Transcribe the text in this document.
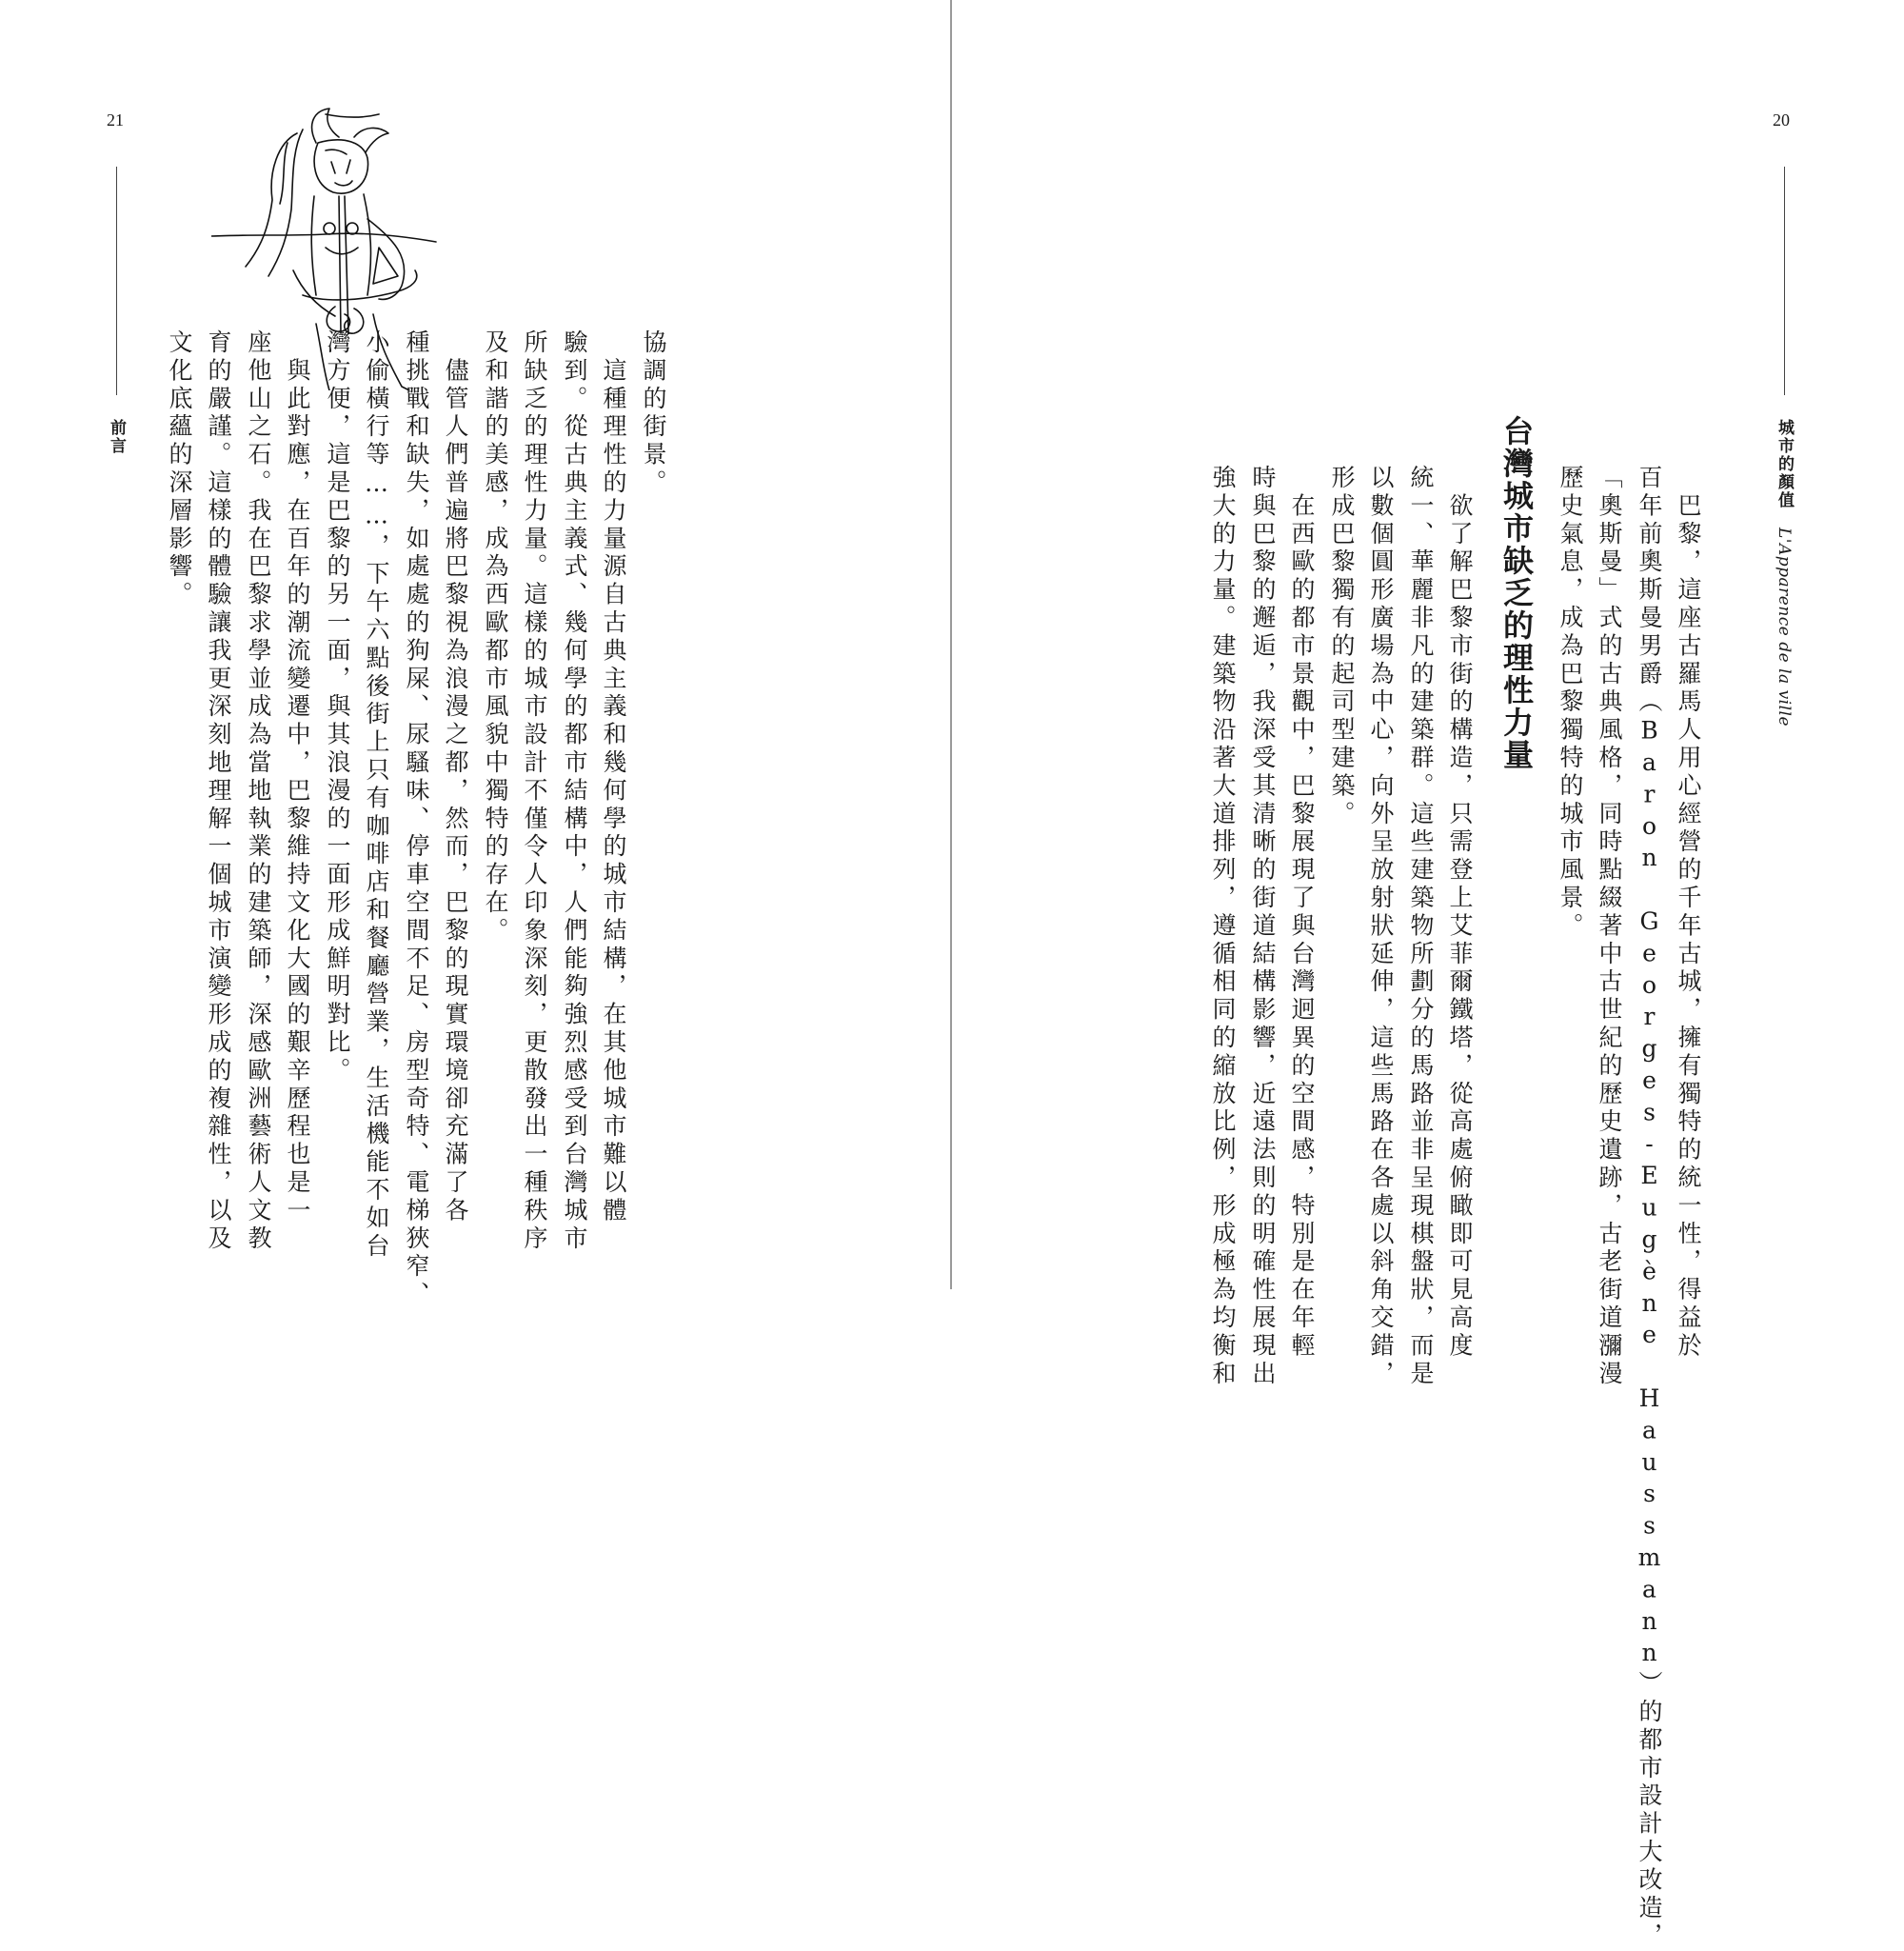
21
前言	協調的街景。
　這種理性的力量源自古典主義和幾何學的城市結構，在其他城市難以體
驗到。從古典主義式、幾何學的都市結構中，人們能夠強烈感受到台灣城市
所缺乏的理性力量。這樣的城市設計不僅令人印象深刻，更散發出一種秩序
及和諧的美感，成為西歐都市風貌中獨特的存在。
　儘管人們普遍將巴黎視為浪漫之都，然而，巴黎的現實環境卻充滿了各
種挑戰和缺失，如處處的狗屎、尿騷味、停車空間不足、房型奇特、電梯狹窄、
小偷橫行等……，下午六點後街上只有咖啡店和餐廳營業，生活機能不如台
灣方便，這是巴黎的另一面，與其浪漫的一面形成鮮明對比。
　與此對應，在百年的潮流變遷中，巴黎維持文化大國的艱辛歷程也是一
座他山之石。我在巴黎求學並成為當地執業的建築師，深感歐洲藝術人文教
育的嚴謹。這樣的體驗讓我更深刻地理解一個城市演變形成的複雜性，以及
文化底蘊的深層影響。
20
城市的顏值　L'Apparence de la ville
　巴黎，這座古羅馬人用心經營的千年古城，擁有獨特的統一性，得益於
百年前奧斯曼男爵（Baron Georges-Eugène Haussmann）的都市設計大改造，
「奧斯曼」式的古典風格，同時點綴著中古世紀的歷史遺跡，古老街道瀰漫
歷史氣息，成為巴黎獨特的城市風景。
台灣城市缺乏的理性力量
　欲了解巴黎市街的構造，只需登上艾菲爾鐵塔，從高處俯瞰即可見高度
統一、華麗非凡的建築群。這些建築物所劃分的馬路並非呈現棋盤狀，而是
以數個圓形廣場為中心，向外呈放射狀延伸，這些馬路在各處以斜角交錯，
形成巴黎獨有的起司型建築。
　在西歐的都市景觀中，巴黎展現了與台灣迥異的空間感，特別是在年輕
時與巴黎的邂逅，我深受其清晰的街道結構影響，近遠法則的明確性展現出
強大的力量。建築物沿著大道排列，遵循相同的縮放比例，形成極為均衡和
